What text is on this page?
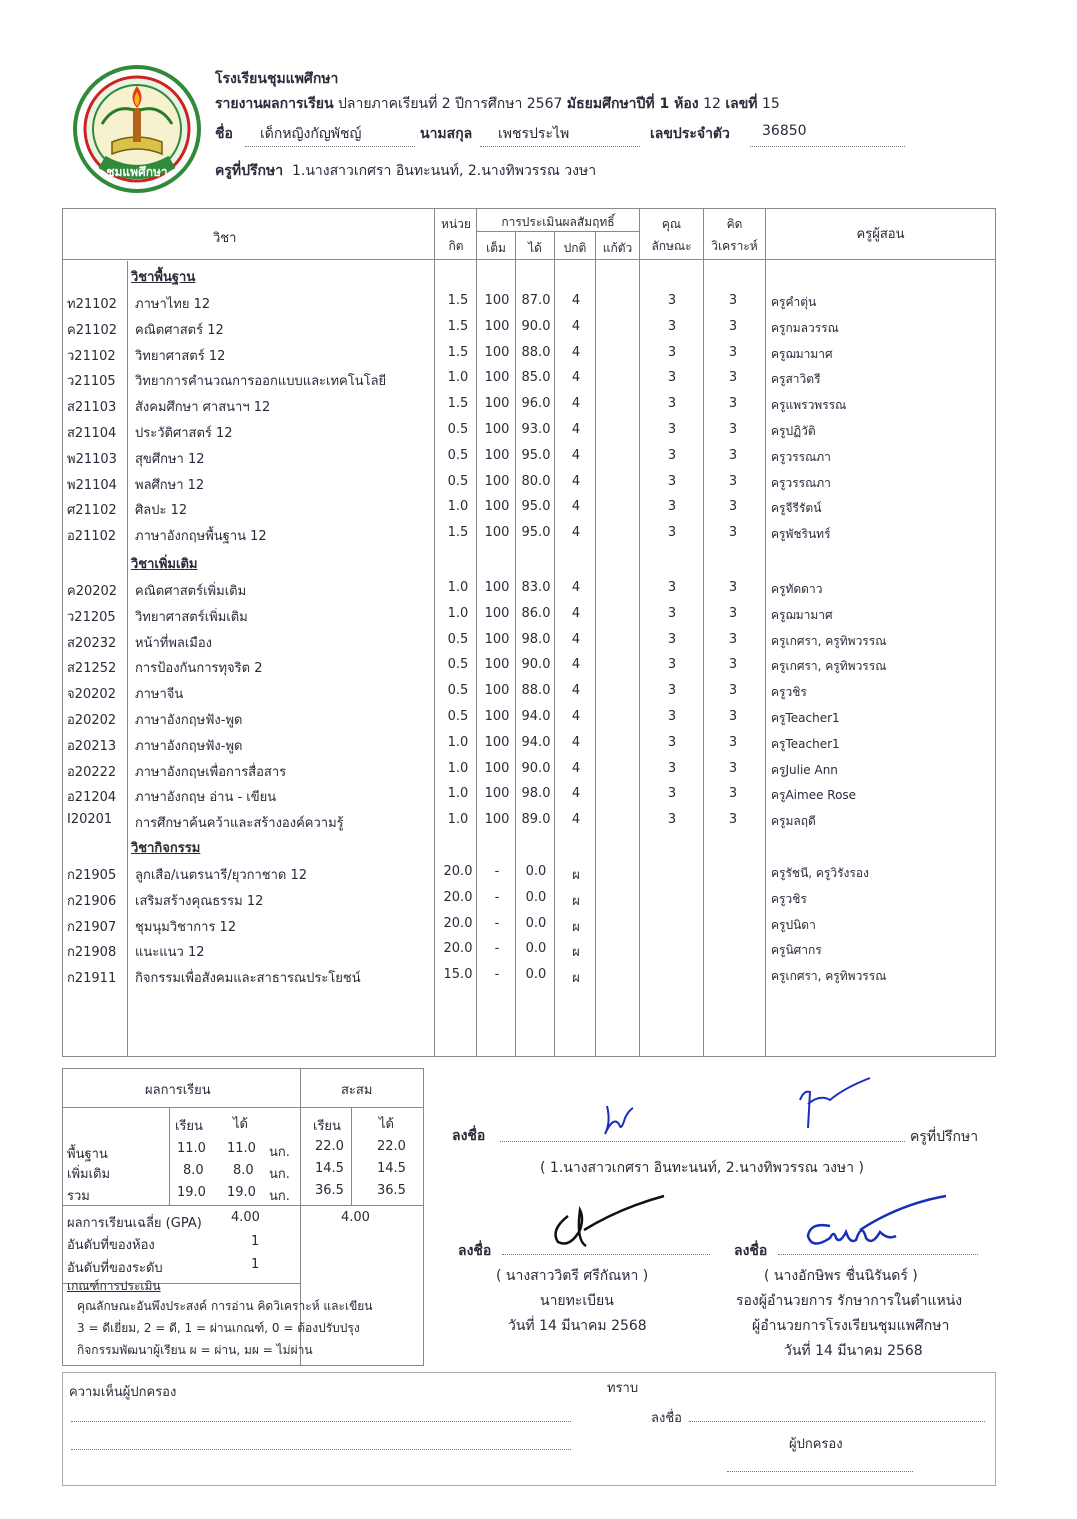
ชุมแพศึกษา
โรงเรียนชุมแพศึกษา
รายงานผลการเรียน ปลายภาคเรียนที่ 2 ปีการศึกษา 2567 มัธยมศึกษาปีที่ 1 ห้อง 12 เลขที่ 15
ชื่อ เด็กหญิงกัญพัชญ์	นามสกุล เพชรประไพ	เลขประจำตัว 36850
ครูที่ปรึกษา 1.นางสาวเกศรา อินทะนนท์, 2.นางทิพวรรณ วงษา
วิชา
หน่วย
กิต
การประเมินผลสัมฤทธิ์
เต็ม	ได้	ปกติ	แก้ตัว
คุณ
ลักษณะ
คิด
วิเคราะห์
ครูผู้สอน
วิชาพื้นฐาน
วิชาเพิ่มเติม
วิชากิจกรรม
ท21102	ภาษาไทย 12	1.5	100 87.0	4	3	3	ครูคำตุ่น
ค21102	คณิตศาสตร์ 12	1.5	100 90.0	4	3	3	ครูกมลวรรณ
ว21102	วิทยาศาสตร์ 12	1.5	100 88.0	4	3	3	ครูฌมามาศ
ว21105	วิทยาการคำนวณการออกแบบและเทคโนโลยี	1.0	100 85.0	4	3	3	ครูสาวิตรี
ส21103	สังคมศึกษา ศาสนาฯ 12	1.5	100 96.0	4	3	3	ครูแพรวพรรณ
ส21104	ประวัติศาสตร์ 12	0.5	100 93.0	4	3	3	ครูปฏิวัติ
พ21103	สุขศึกษา 12	0.5	100 95.0	4	3	3	ครูวรรณภา
พ21104	พลศึกษา 12	0.5	100 80.0	4	3	3	ครูวรรณภา
ศ21102	ศิลปะ 12	1.0	100 95.0	4	3	3	ครูจีรีรัตน์
อ21102	ภาษาอังกฤษพื้นฐาน 12	1.5	100 95.0	4	3	3	ครูพัชรินทร์
ค20202	คณิตศาสตร์เพิ่มเติม	1.0	100 83.0	4	3	3	ครูทัดดาว
ว21205	วิทยาศาสตร์เพิ่มเติม	1.0	100 86.0	4	3	3	ครูฌมามาศ
ส20232	หน้าที่พลเมือง	0.5	100 98.0	4	3	3	ครูเกศรา, ครูทิพวรรณ
ส21252	การป้องกันการทุจริต 2	0.5	100 90.0	4	3	3	ครูเกศรา, ครูทิพวรรณ
จ20202	ภาษาจีน	0.5	100 88.0	4	3	3	ครูวชิร
อ20202	ภาษาอังกฤษฟัง-พูด	0.5	100 94.0	4	3	3	ครูTeacher1
อ20213	ภาษาอังกฤษฟัง-พูด	1.0	100 94.0	4	3	3	ครูTeacher1
อ20222	ภาษาอังกฤษเพื่อการสื่อสาร	1.0	100 90.0	4	3	3	ครูJulie Ann
อ21204	ภาษาอังกฤษ อ่าน - เขียน	1.0	100 98.0	4	3	3	ครูAimee Rose
I20201	การศึกษาค้นคว้าและสร้างองค์ความรู้	1.0	100 89.0	4	3	3	ครูมลฤดี
ก21905	ลูกเสือ/เนตรนารี/ยุวกาชาด 12	20.0	-	0.0	ผ	ครูรัชนี, ครูวิรังรอง
ก21906	เสริมสร้างคุณธรรม 12	20.0	-	0.0	ผ	ครูวชิร
ก21907	ชุมนุมวิชาการ 12	20.0	-	0.0	ผ	ครูปนิดา
ก21908	แนะแนว 12	20.0	-	0.0	ผ	ครูนิศากร
ก21911	กิจกรรมเพื่อสังคมและสาธารณประโยชน์	15.0	-	0.0	ผ	ครูเกศรา, ครูทิพวรรณ
ผลการเรียน	สะสม
เรียน ได้	เรียน	ได้
พื้นฐาน	11.0 11.0 นก. 22.0	22.0
เพิ่มเติม	8.0 8.0 นก. 14.5	14.5
รวม	19.0 19.0 นก. 36.5	36.5
ผลการเรียนเฉลี่ย (GPA) 4.00	4.00
อันดับที่ของห้อง	1
อันดับที่ของระดับ	1
เกณฑ์การประเมิน
คุณลักษณะอันพึงประสงค์ การอ่าน คิดวิเคราะห์ และเขียน
3 = ดีเยี่ยม, 2 = ดี, 1 = ผ่านเกณฑ์, 0 = ต้องปรับปรุง
กิจกรรมพัฒนาผู้เรียน ผ = ผ่าน, มผ = ไม่ผ่าน
ลงชื่อ	ครูที่ปรึกษา
( 1.นางสาวเกศรา อินทะนนท์, 2.นางทิพวรรณ วงษา )
ลงชื่อ
( นางสาววิตรี ศรีกัณหา )
นายทะเบียน
วันที่ 14 มีนาคม 2568
ลงชื่อ
( นางอักษิพร ชื่นนิรันดร์ )
รองผู้อำนวยการ รักษาการในตำแหน่ง
ผู้อำนวยการโรงเรียนชุมแพศึกษา
วันที่ 14 มีนาคม 2568
ความเห็นผู้ปกครอง	ทราบ
ลงชื่อ
ผู้ปกครอง
